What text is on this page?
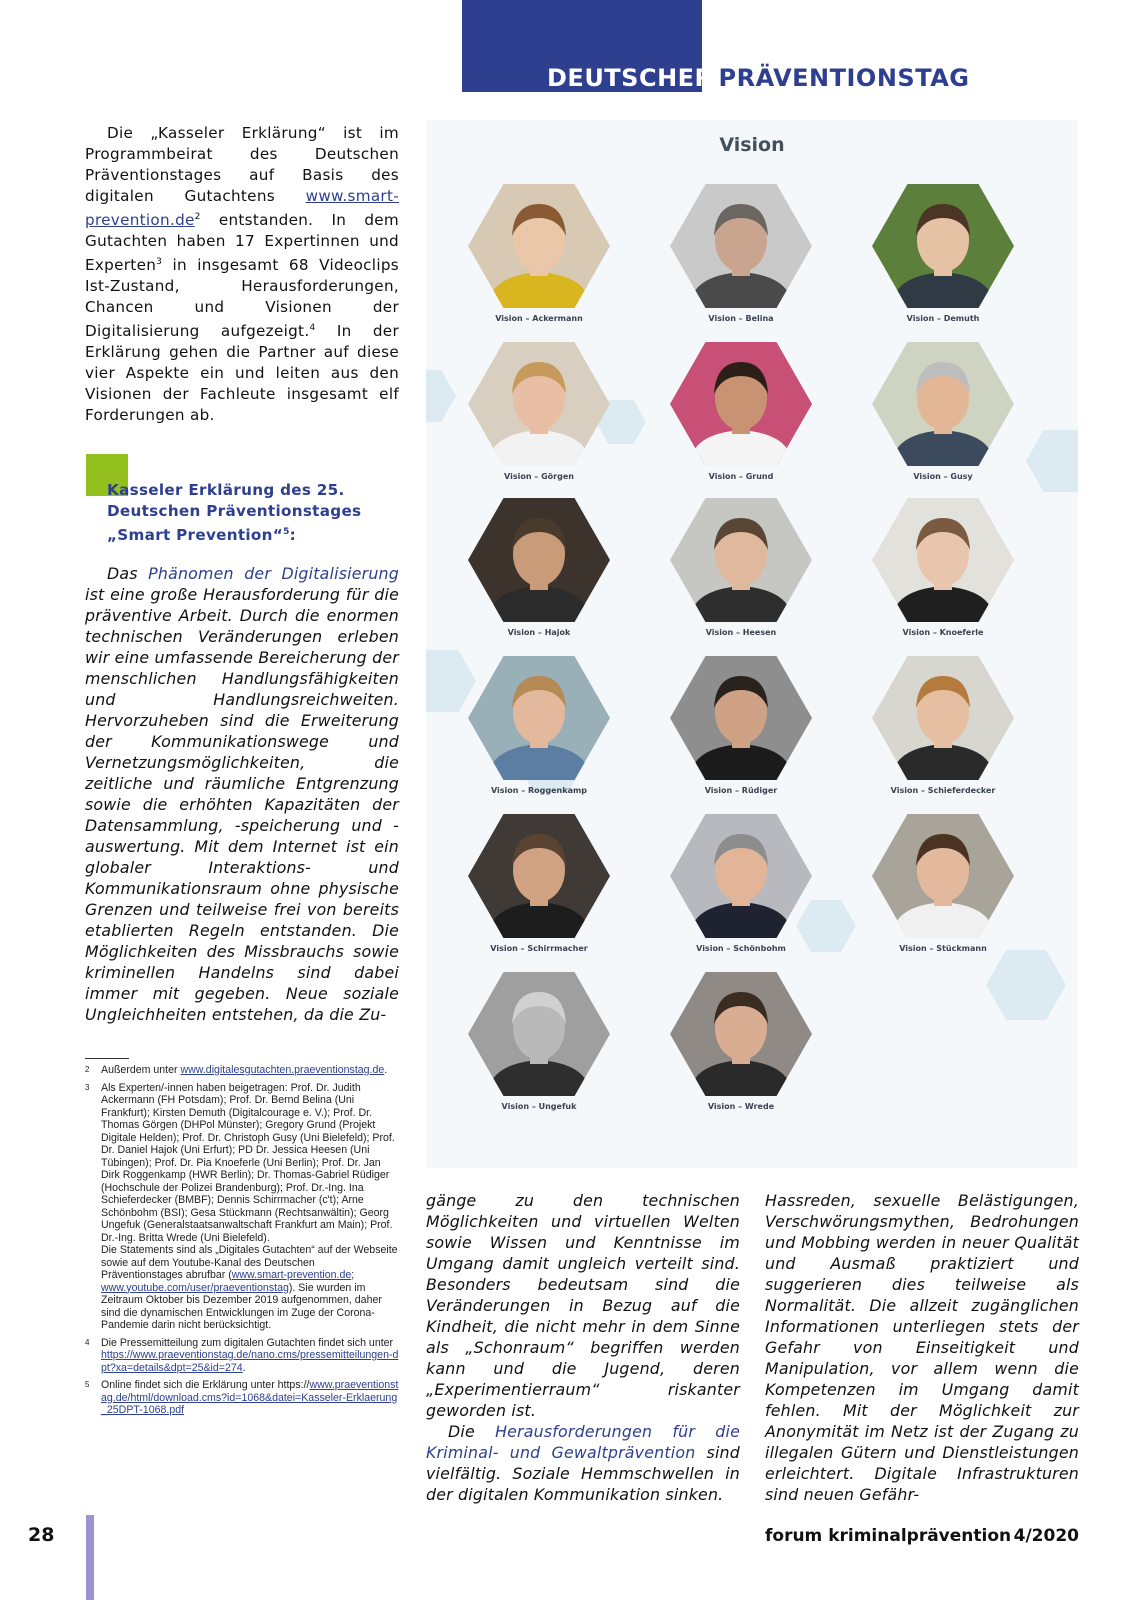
DEUTSCHER PRÄVENTIONSTAG
Die „Kasseler Erklärung“ ist im Programmbeirat des Deutschen Präventionstages auf Basis des digitalen Gutachtens $www.smart-prevention.de^2$ entstanden. In dem Gutachten haben 17 Expertinnen und Experten$^3$ in insgesamt 68 Videoclips Ist-Zustand, Herausforderungen, Chancen und Visionen der Digitalisierung aufgezeigt.$^4$ In der Erklärung gehen die Partner auf diese vier Aspekte ein und leiten aus den Visionen der Fachleute insgesamt elf Forderungen ab.
Kasseler Erklärung des 25. Deutschen Präventionstages „Smart Prevention“$^5$:
Das Phänomen der Digitalisierung ist eine große Herausforderung für die präventive Arbeit. Durch die enormen technischen Veränderungen erleben wir eine umfassende Bereicherung der menschlichen Handlungsfähigkeiten und Handlungsreichweiten. Hervorzuheben sind die Erweiterung der Kommunikationswege und Vernetzungsmöglichkeiten, die zeitliche und räumliche Entgrenzung sowie die erhöhten Kapazitäten der Datensammlung, -speicherung und -auswertung. Mit dem Internet ist ein globaler Interaktions- und Kommunikationsraum ohne physische Grenzen und teilweise frei von bereits etablierten Regeln entstanden. Die Möglichkeiten des Missbrauchs sowie kriminellen Handelns sind dabei immer mit gegeben. Neue soziale Ungleichheiten entstehen, da die Zu-
2 Außerdem unter www.digitalesgutachten.praeventionstag.de.
3 Als Experten/-innen haben beigetragen: Prof. Dr. Judith Ackermann (FH Potsdam); Prof. Dr. Bernd Belina (Uni Frankfurt); Kirsten Demuth (Digitalcourage e. V.); Prof. Dr. Thomas Görgen (DHPol Münster); Gregory Grund (Projekt Digitale Helden); Prof. Dr. Christoph Gusy (Uni Bielefeld); Prof. Dr. Daniel Hajok (Uni Erfurt); PD Dr. Jessica Heesen (Uni Tübingen); Prof. Dr. Pia Knoeferle (Uni Berlin); Prof. Dr. Jan Dirk Roggenkamp (HWR Berlin); Dr. Thomas-Gabriel Rüdiger (Hochschule der Polizei Brandenburg); Prof. Dr.-Ing. Ina Schieferdecker (BMBF); Dennis Schirrmacher (c't); Arne Schönbohm (BSI); Gesa Stückmann (Rechtsanwältin); Georg Ungefuk (Generalstaatsanwaltschaft Frankfurt am Main); Prof. Dr.-Ing. Britta Wrede (Uni Bielefeld).
Die Statements sind als „Digitales Gutachten“ auf der Webseite sowie auf dem Youtube-Kanal des Deutschen Präventionstages abrufbar (www.smart-prevention.de; www.youtube.com/user/praeventionstag). Sie wurden im Zeitraum Oktober bis Dezember 2019 aufgenommen, daher sind die dynamischen Entwicklungen im Zuge der Corona-Pandemie darin nicht berücksichtigt.
4 Die Pressemitteilung zum digitalen Gutachten findet sich unter https://www.praeventionstag.de/nano.cms/pressemitteilungen-dpt?xa=details&dpt=25&id=274.
5 Online findet sich die Erklärung unter https://www.praeventionstag.de/html/download.cms?id=1068&datei=Kasseler-Erklaerung_25DPT-1068.pdf
Vision
Vision – Ackermann	Vision – Belina	Vision – Demuth
Vision – Görgen	Vision – Grund	Vision – Gusy
Vision – Hajok	Vision – Heesen	Vision – Knoeferle
Vision – Roggenkamp	Vision – Rüdiger	Vision – Schieferdecker
Vision – Schirrmacher	Vision – Schönbohm	Vision – Stückmann
Vision – Ungefuk	Vision – Wrede
gänge zu den technischen Möglichkeiten und virtuellen Welten sowie Wissen und Kenntnisse im Umgang damit ungleich verteilt sind. Besonders bedeutsam sind die Veränderungen in Bezug auf die Kindheit, die nicht mehr in dem Sinne als „Schonraum“ begriffen werden kann und die Jugend, deren „Experimentierraum“ riskanter geworden ist.
Die Herausforderungen für die Kriminal- und Gewaltprävention sind vielfältig. Soziale Hemmschwellen in der digitalen Kommunikation sinken.
Hassreden, sexuelle Belästigungen, Verschwörungsmythen, Bedrohungen und Mobbing werden in neuer Qualität und Ausmaß praktiziert und suggerieren dies teilweise als Normalität. Die allzeit zugänglichen Informationen unterliegen stets der Gefahr von Einseitigkeit und Manipulation, vor allem wenn die Kompetenzen im Umgang damit fehlen. Mit der Möglichkeit zur Anonymität im Netz ist der Zugang zu illegalen Gütern und Dienstleistungen erleichtert. Digitale Infrastrukturen sind neuen Gefähr-
28	forum kriminalprävention 4/2020
